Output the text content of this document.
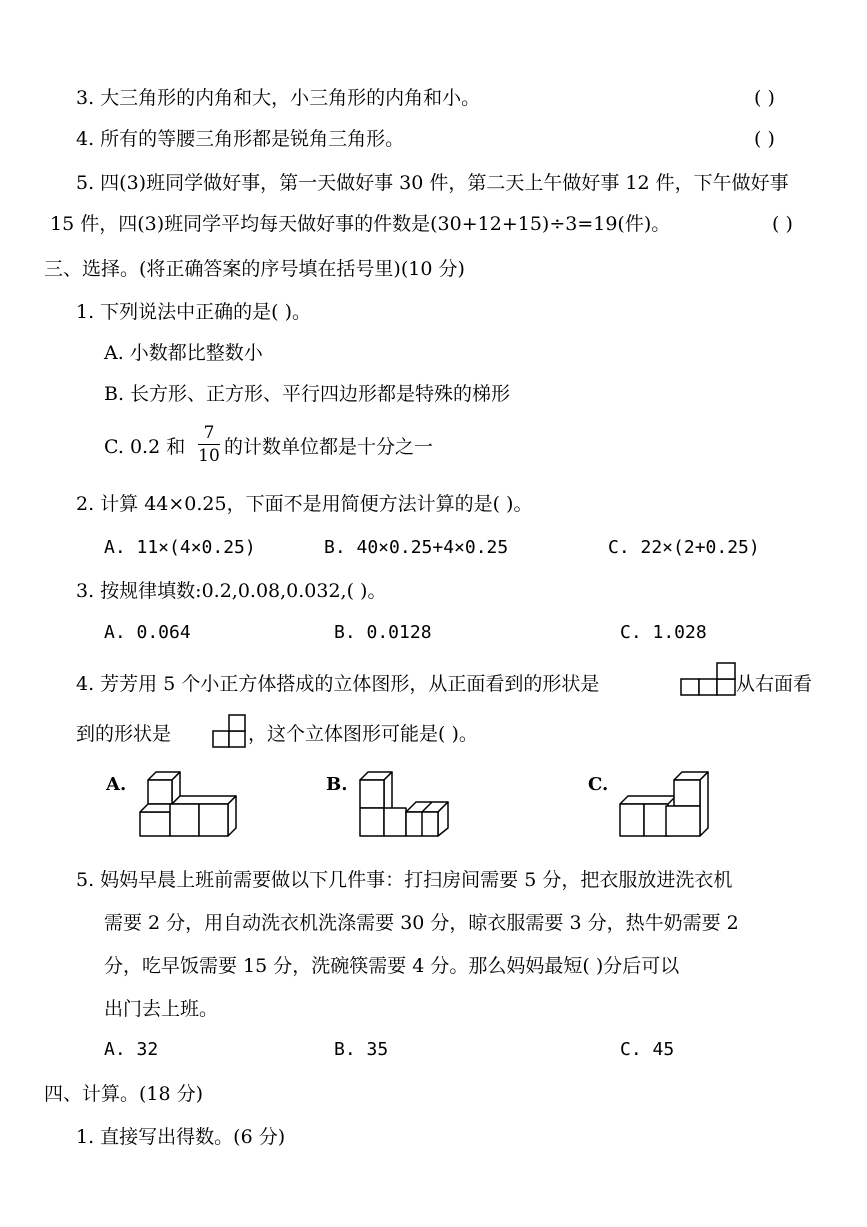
3. 大三角形的内角和大，小三角形的内角和小。	( )
4. 所有的等腰三角形都是锐角三角形。	( )
5. 四(3)班同学做好事，第一天做好事 30 件，第二天上午做好事 12 件，下午做好事
15 件，四(3)班同学平均每天做好事的件数是(30+12+15)÷3=19(件)。	( )
三、选择。(将正确答案的序号填在括号里)(10 分)
1. 下列说法中正确的是( )。
A. 小数都比整数小
B. 长方形、正方形、平行四边形都是特殊的梯形
C. 0.2 和
7
10 的计数单位都是十分之一
2. 计算 44×0.25，下面不是用简便方法计算的是( )。
A. 11×(4×0.25)	B. 40×0.25+4×0.25	C. 22×(2+0.25)
3. 按规律填数:0.2,0.08,0.032,( )。
A. 0.064	B. 0.0128	C. 1.028
4. 芳芳用 5 个小正方体搭成的立体图形，从正面看到的形状是	从右面看
到的形状是	，这个立体图形可能是( )。
A.	B.	C.
5. 妈妈早晨上班前需要做以下几件事：打扫房间需要 5 分，把衣服放进洗衣机
需要 2 分，用自动洗衣机洗涤需要 30 分，晾衣服需要 3 分，热牛奶需要 2
分，吃早饭需要 15 分，洗碗筷需要 4 分。那么妈妈最短( )分后可以
出门去上班。
A. 32	B. 35	C. 45
四、计算。(18 分)
1. 直接写出得数。(6 分)
